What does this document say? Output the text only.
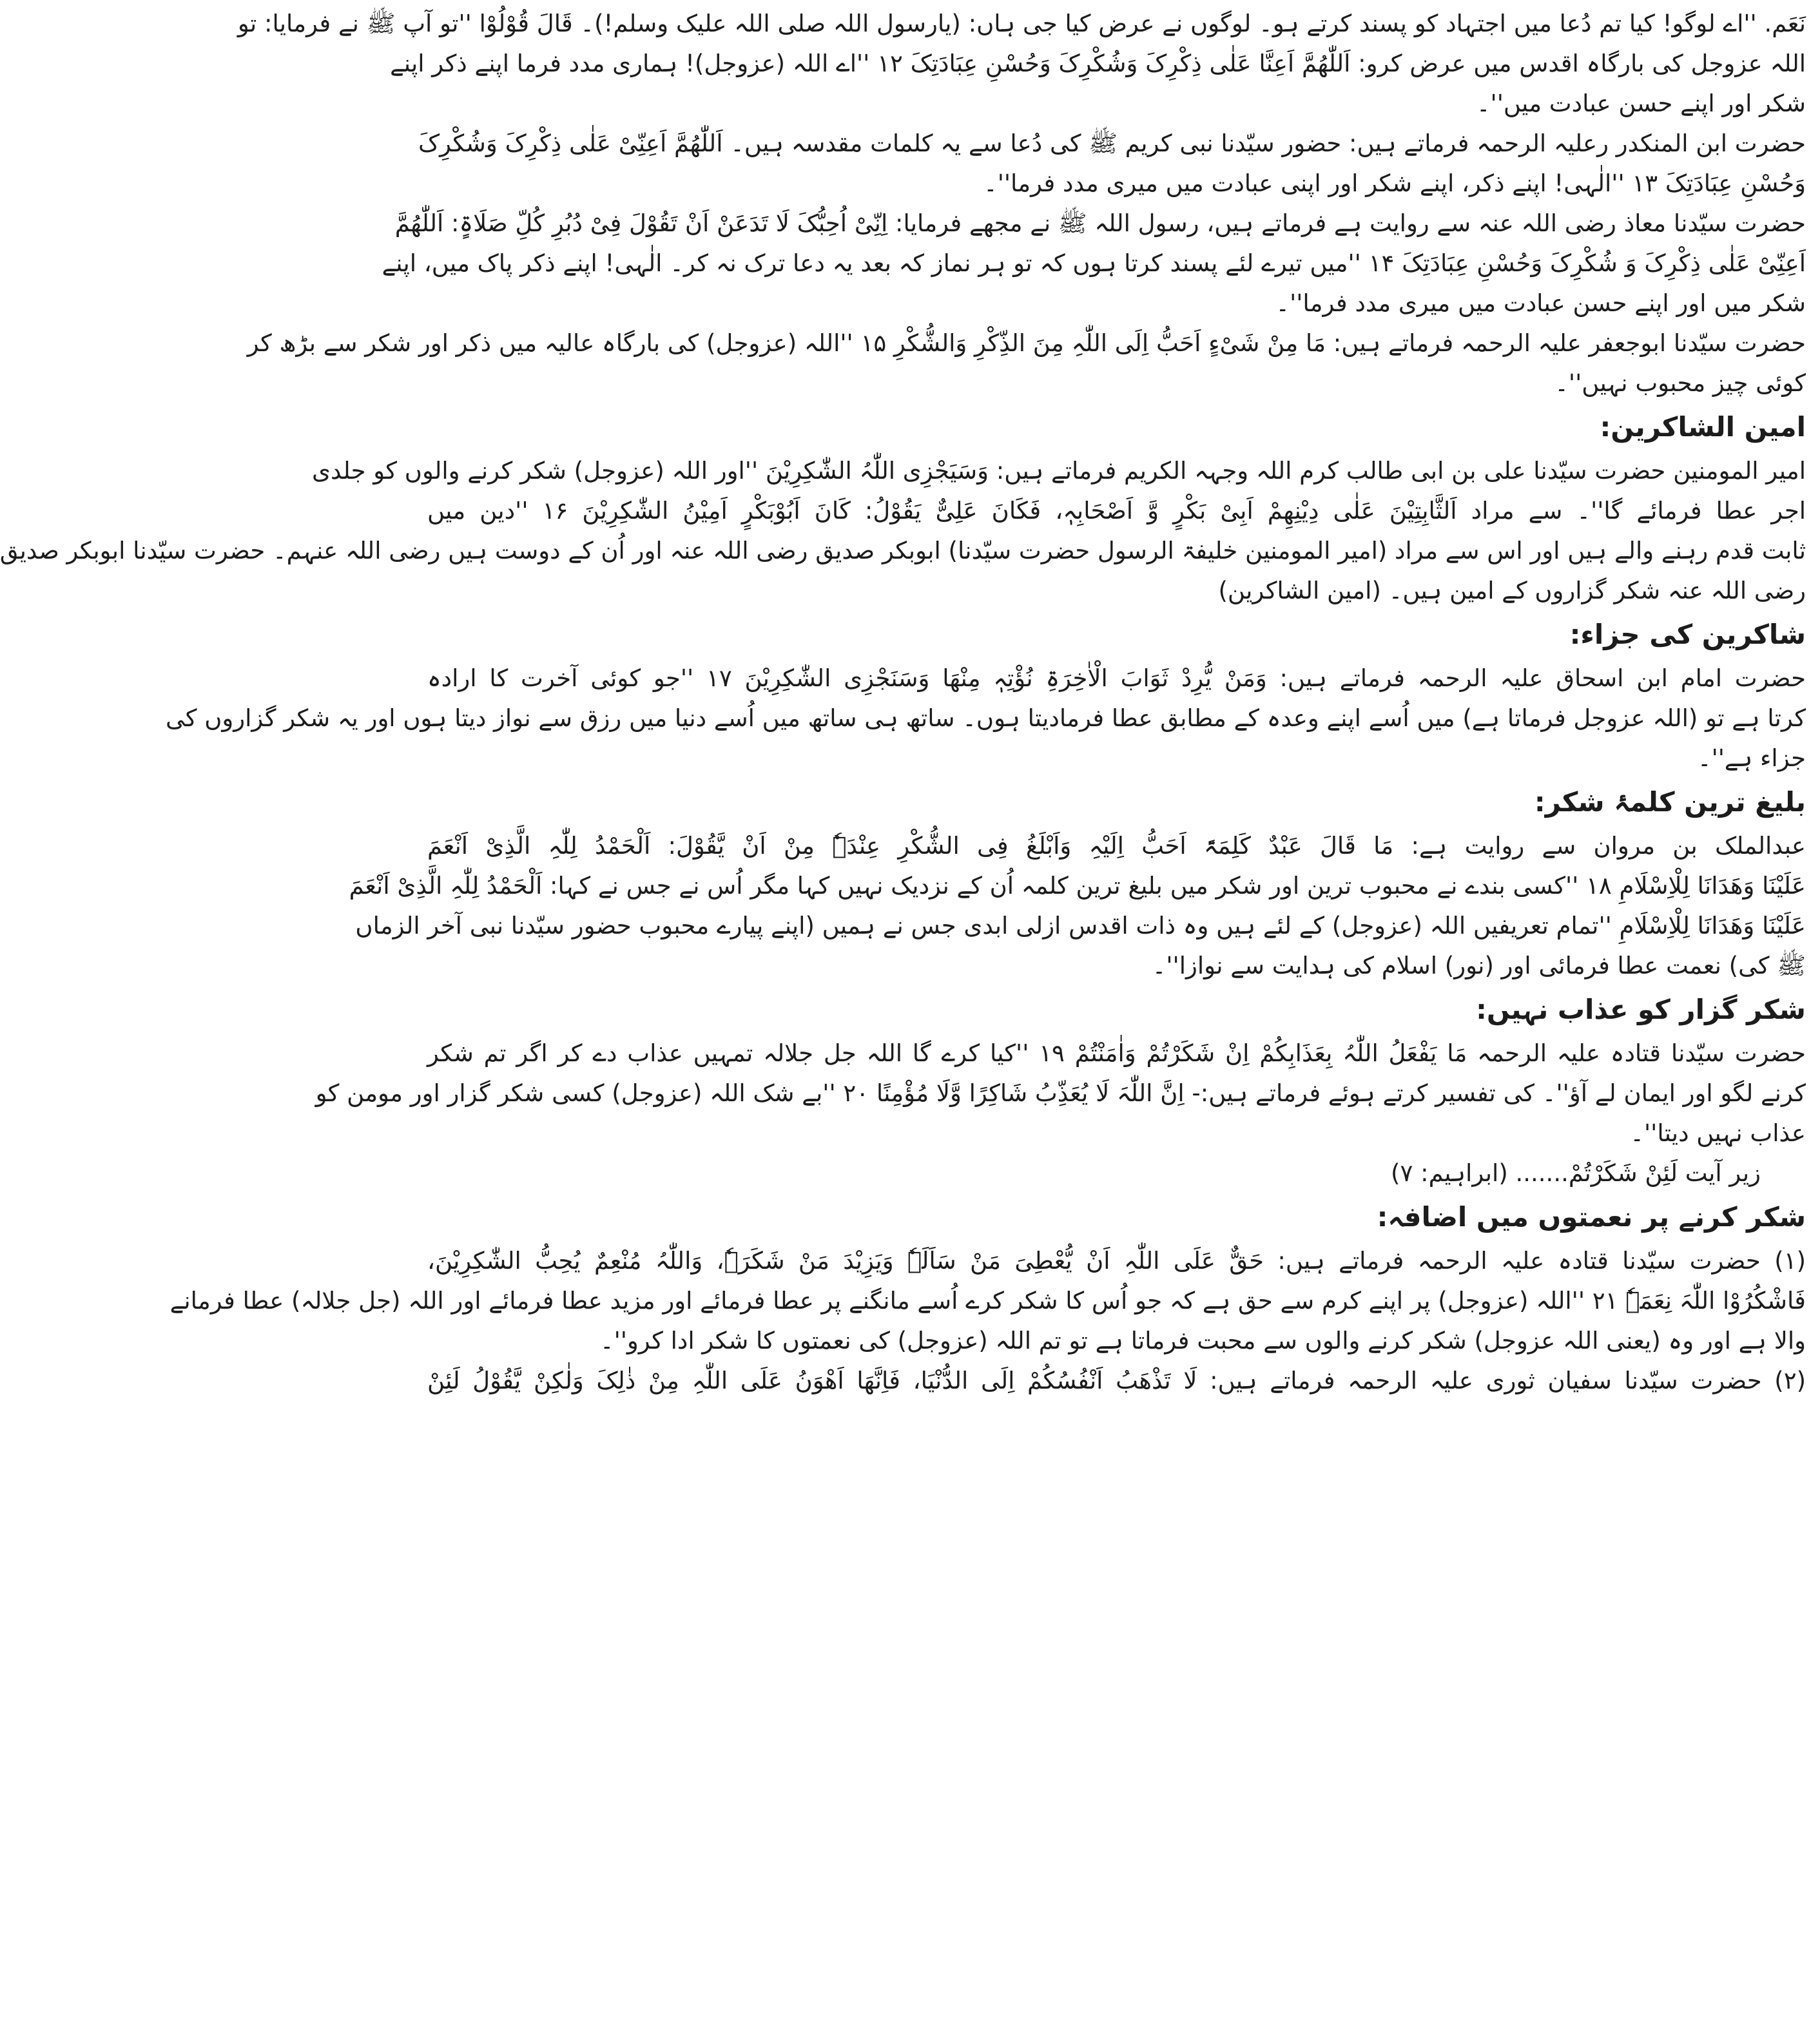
نَعَم. ''اے لوگو! کیا تم دُعا میں اجتہاد کو پسند کرتے ہو۔ لوگوں نے عرض کیا جی ہاں: (یارسول اللہ صلی اللہ علیک وسلم!)۔ قَالَ قُوْلُوْا ''تو آپ ﷺ نے فرمایا: تو
اللہ عزوجل کی بارگاہ اقدس میں عرض کرو: اَللّٰھُمَّ اَعِنَّا عَلٰی ذِکْرِکَ وَشُکْرِکَ وَحُسْنِ عِبَادَتِکَ ۱۲ ''اے اللہ (عزوجل)! ہماری مدد فرما اپنے ذکر اپنے
شکر اور اپنے حسن عبادت میں''۔
حضرت ابن المنکدر رعلیہ الرحمہ فرماتے ہیں: حضور سیّدنا نبی کریم ﷺ کی دُعا سے یہ کلمات مقدسہ ہیں۔ اَللّٰھُمَّ اَعِنِّیْ عَلٰی ذِکْرِکَ وَشُکْرِکَ
وَحُسْنِ عِبَادَتِکَ ۱۳ ''الٰہی! اپنے ذکر، اپنے شکر اور اپنی عبادت میں میری مدد فرما''۔
حضرت سیّدنا معاذ رضی اللہ عنہ سے روایت ہے فرماتے ہیں، رسول اللہ ﷺ نے مجھے فرمایا: اِنِّیْ اُحِبُّکَ لَا تَدَعَنْ اَنْ تَقُوْلَ فِیْ دُبُرِ کُلِّ صَلَاۃٍ: اَللّٰھُمَّ
اَعِنِّیْ عَلٰی ذِکْرِکَ وَ شُکْرِکَ وَحُسْنِ عِبَادَتِکَ ۱۴ ''میں تیرے لئے پسند کرتا ہوں کہ تو ہر نماز کہ بعد یہ دعا ترک نہ کر۔ الٰہی! اپنے ذکر پاک میں، اپنے
شکر میں اور اپنے حسن عبادت میں میری مدد فرما''۔
حضرت سیّدنا ابوجعفر علیہ الرحمہ فرماتے ہیں: مَا مِنْ شَیْءٍ اَحَبُّ اِلَی اللّٰہِ مِنَ الذِّکْرِ وَالشُّکْرِ ۱۵ ''اللہ (عزوجل) کی بارگاہ عالیہ میں ذکر اور شکر سے بڑھ کر
کوئی چیز محبوب نہیں''۔
امین الشاکرین:
امیر المومنین حضرت سیّدنا علی بن ابی طالب کرم اللہ وجہہ الکریم فرماتے ہیں: وَسَیَجْزِی اللّٰہُ الشّٰکِرِیْنَ ''اور اللہ (عزوجل) شکر کرنے والوں کو جلدی
اجر عطا فرمائے گا''۔ سے مراد اَلثَّابِتِیْنَ عَلٰی دِیْنِھِمْ اَبِیْ بَکْرٍ وَّ اَصْحَابِہٖ، فَکَانَ عَلِیٌّ یَقُوْلُ: کَانَ اَبُوْبَکْرٍ اَمِیْنُ الشّٰکِرِیْنَ ۱۶ ''دین میں
ثابت قدم رہنے والے ہیں اور اس سے مراد (امیر المومنین خلیفۃ الرسول حضرت سیّدنا) ابوبکر صدیق رضی اللہ عنہ اور اُن کے دوست ہیں رضی اللہ عنہم۔ حضرت سیّدنا ابوبکر صدیق
رضی اللہ عنہ شکر گزاروں کے امین ہیں۔ (امین الشاکرین)
شاکرین کی جزاء:
حضرت امام ابن اسحاق علیہ الرحمہ فرماتے ہیں: وَمَنْ یُّرِدْ ثَوَابَ الْاٰخِرَۃِ نُؤْتِہٖ مِنْھَا وَسَنَجْزِی الشّٰکِرِیْنَ ۱۷ ''جو کوئی آخرت کا ارادہ
کرتا ہے تو (اللہ عزوجل فرماتا ہے) میں اُسے اپنے وعدہ کے مطابق عطا فرمادیتا ہوں۔ ساتھ ہی ساتھ میں اُسے دنیا میں رزق سے نواز دیتا ہوں اور یہ شکر گزاروں کی
جزاء ہے''۔
بلیغ ترین کلمۂ شکر:
عبدالملک بن مروان سے روایت ہے: مَا قَالَ عَبْدٌ کَلِمَۃً اَحَبُّ اِلَیْہِ وَاَبْلَغُ فِی الشُّکْرِ عِنْدَہٗ مِنْ اَنْ یَّقُوْلَ: اَلْحَمْدُ لِلّٰہِ الَّذِیْ اَنْعَمَ
عَلَیْنَا وَھَدَانَا لِلْاِسْلَامِ ۱۸ ''کسی بندے نے محبوب ترین اور شکر میں بلیغ ترین کلمہ اُن کے نزدیک نہیں کہا مگر اُس نے جس نے کہا: اَلْحَمْدُ لِلّٰہِ الَّذِیْ اَنْعَمَ
عَلَیْنَا وَھَدَانَا لِلْاِسْلَامِ ''تمام تعریفیں اللہ (عزوجل) کے لئے ہیں وہ ذات اقدس ازلی ابدی جس نے ہمیں (اپنے پیارے محبوب حضور سیّدنا نبی آخر الزماں
ﷺ کی) نعمت عطا فرمائی اور (نور) اسلام کی ہدایت سے نوازا''۔
شکر گزار کو عذاب نہیں:
حضرت سیّدنا قتادہ علیہ الرحمہ مَا یَفْعَلُ اللّٰہُ بِعَذَابِکُمْ اِنْ شَکَرْتُمْ وَاٰمَنْتُمْ ۱۹ ''کیا کرے گا اللہ جل جلالہ تمہیں عذاب دے کر اگر تم شکر
کرنے لگو اور ایمان لے آؤ''۔ کی تفسیر کرتے ہوئے فرماتے ہیں:- اِنَّ اللّٰہَ لَا یُعَذِّبُ شَاکِرًا وَّلَا مُؤْمِنًا ۲۰ ''بے شک اللہ (عزوجل) کسی شکر گزار اور مومن کو
عذاب نہیں دیتا''۔
زیر آیت لَئِنْ شَکَرْتُمْ....... (ابراہیم: ۷)
شکر کرنے پر نعمتوں میں اضافہ:
(۱) حضرت سیّدنا قتادہ علیہ الرحمہ فرماتے ہیں: حَقٌّ عَلَی اللّٰہِ اَنْ یُّعْطِیَ مَنْ سَاَلَہٗ وَیَزِیْدَ مَنْ شَکَرَہٗ، وَاللّٰہُ مُنْعِمٌ یُحِبُّ الشّٰکِرِیْنَ،
فَاشْکُرُوْا اللّٰہَ نِعَمَہٗ ۲۱ ''اللہ (عزوجل) پر اپنے کرم سے حق ہے کہ جو اُس کا شکر کرے اُسے مانگنے پر عطا فرمائے اور مزید عطا فرمائے اور اللہ (جل جلالہ) عطا فرمانے
والا ہے اور وہ (یعنی اللہ عزوجل) شکر کرنے والوں سے محبت فرماتا ہے تو تم اللہ (عزوجل) کی نعمتوں کا شکر ادا کرو''۔
(۲) حضرت سیّدنا سفیان ثوری علیہ الرحمہ فرماتے ہیں: لَا تَذْھَبُ اَنْفُسُکُمْ اِلَی الدُّنْیَا، فَاِنَّھَا اَھْوَنُ عَلَی اللّٰہِ مِنْ ذٰلِکَ وَلٰکِنْ یَّقُوْلُ لَئِنْ
